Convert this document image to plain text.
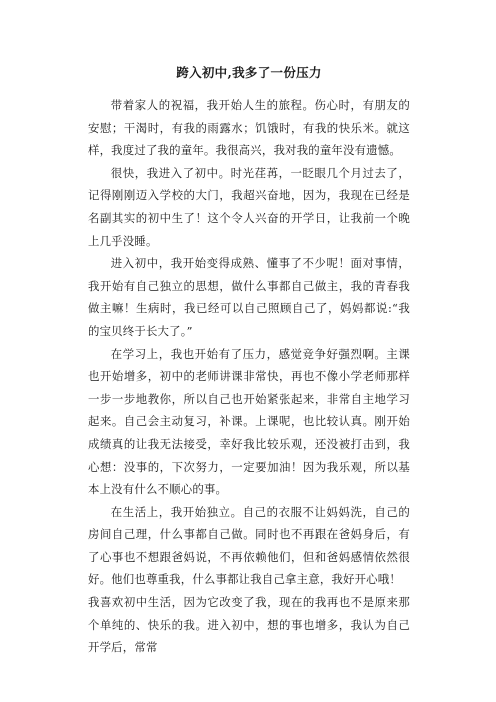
跨入初中,我多了一份压力

带着家人的祝福，我开始人生的旅程。伤心时，有朋友的安慰；干渴时，有我的雨露水；饥饿时，有我的快乐米。就这样，我度过了我的童年。我很高兴，我对我的童年没有遗憾。

很快，我进入了初中。时光荏苒，一眨眼几个月过去了，记得刚刚迈入学校的大门，我超兴奋地，因为，我现在已经是名副其实的初中生了！这个令人兴奋的开学日，让我前一个晚上几乎没睡。

进入初中，我开始变得成熟、懂事了不少呢！面对事情，我开始有自己独立的思想，做什么事都自己做主，我的青春我做主嘛！生病时，我已经可以自己照顾自己了，妈妈都说:“我的宝贝终于长大了。”

在学习上，我也开始有了压力，感觉竞争好强烈啊。主课也开始增多，初中的老师讲课非常快，再也不像小学老师那样一步一步地教你，所以自己也开始紧张起来，非常自主地学习起来。自己会主动复习，补课。上课呢，也比较认真。刚开始成绩真的让我无法接受，幸好我比较乐观，还没被打击到，我心想：没事的，下次努力，一定要加油！因为我乐观，所以基本上没有什么不顺心的事。

在生活上，我开始独立。自己的衣服不让妈妈洗，自己的房间自己理，什么事都自己做。同时也不再跟在爸妈身后，有了心事也不想跟爸妈说，不再依赖他们，但和爸妈感情依然很好。他们也尊重我，什么事都让我自己拿主意，我好开心哦！

我喜欢初中生活，因为它改变了我，现在的我再也不是原来那个单纯的、快乐的我。进入初中，想的事也增多，我认为自己开学后，常常
